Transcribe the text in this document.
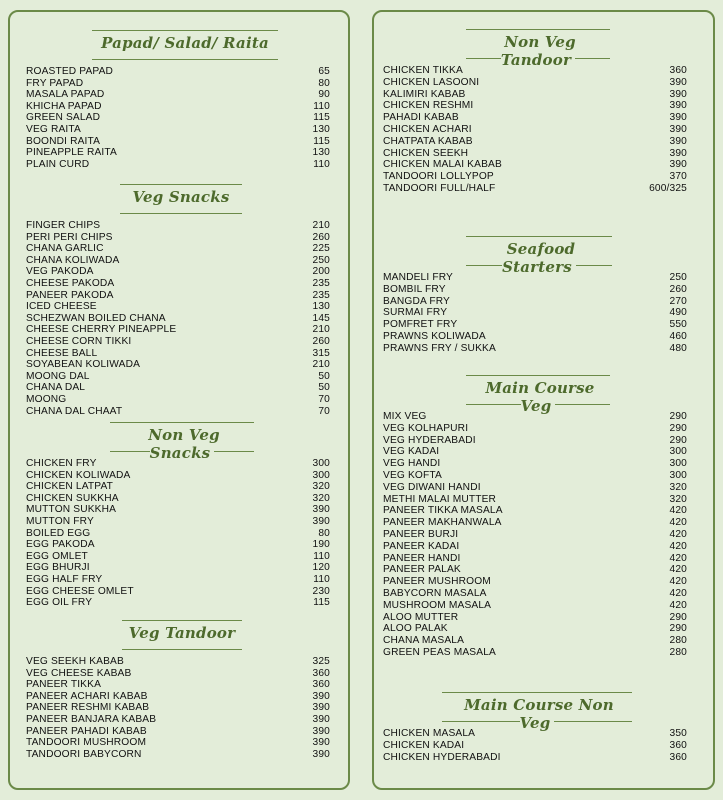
Papad/ Salad/ Raita
ROASTED PAPAD	65
FRY PAPAD	80
MASALA PAPAD	90
KHICHA PAPAD	110
GREEN SALAD	115
VEG RAITA	130
BOONDI RAITA	115
PINEAPPLE RAITA	130
PLAIN CURD	110
Veg Snacks
FINGER CHIPS	210
PERI PERI CHIPS	260
CHANA GARLIC	225
CHANA KOLIWADA	250
VEG PAKODA	200
CHEESE PAKODA	235
PANEER PAKODA	235
ICED CHEESE	130
SCHEZWAN BOILED CHANA	145
CHEESE CHERRY PINEAPPLE	210
CHEESE CORN TIKKI	260
CHEESE BALL	315
SOYABEAN KOLIWADA	210
MOONG DAL	50
CHANA DAL	50
MOONG	70
CHANA DAL CHAAT	70
Non Veg Snacks
CHICKEN FRY	300
CHICKEN KOLIWADA	300
CHICKEN LATPAT	320
CHICKEN SUKKHA	320
MUTTON SUKKHA	390
MUTTON FRY	390
BOILED EGG	80
EGG PAKODA	190
EGG OMLET	110
EGG BHURJI	120
EGG HALF FRY	110
EGG CHEESE OMLET	230
EGG OIL FRY	115
Veg Tandoor
VEG SEEKH KABAB	325
VEG CHEESE KABAB	360
PANEER TIKKA	360
PANEER ACHARI KABAB	390
PANEER RESHMI KABAB	390
PANEER BANJARA KABAB	390
PANEER PAHADI KABAB	390
TANDOORI MUSHROOM	390
TANDOORI BABYCORN	390
Non Veg Tandoor
CHICKEN TIKKA	360
CHICKEN LASOONI	390
KALIMIRI KABAB	390
CHICKEN RESHMI	390
PAHADI KABAB	390
CHICKEN ACHARI	390
CHATPATA KABAB	390
CHICKEN SEEKH	390
CHICKEN MALAI KABAB	390
TANDOORI LOLLYPOP	370
TANDOORI FULL/HALF	600/325
Seafood Starters
MANDELI FRY	250
BOMBIL FRY	260
BANGDA FRY	270
SURMAI FRY	490
POMFRET FRY	550
PRAWNS KOLIWADA	460
PRAWNS FRY / SUKKA	480
Main Course Veg
MIX VEG	290
VEG KOLHAPURI	290
VEG HYDERABADI	290
VEG KADAI	300
VEG HANDI	300
VEG KOFTA	300
VEG DIWANI HANDI	320
METHI MALAI MUTTER	320
PANEER TIKKA MASALA	420
PANEER MAKHANWALA	420
PANEER BURJI	420
PANEER KADAI	420
PANEER HANDI	420
PANEER PALAK	420
PANEER MUSHROOM	420
BABYCORN MASALA	420
MUSHROOM MASALA	420
ALOO MUTTER	290
ALOO PALAK	290
CHANA MASALA	280
GREEN PEAS MASALA	280
Main Course Non Veg
CHICKEN MASALA	350
CHICKEN KADAI	360
CHICKEN HYDERABADI	360
